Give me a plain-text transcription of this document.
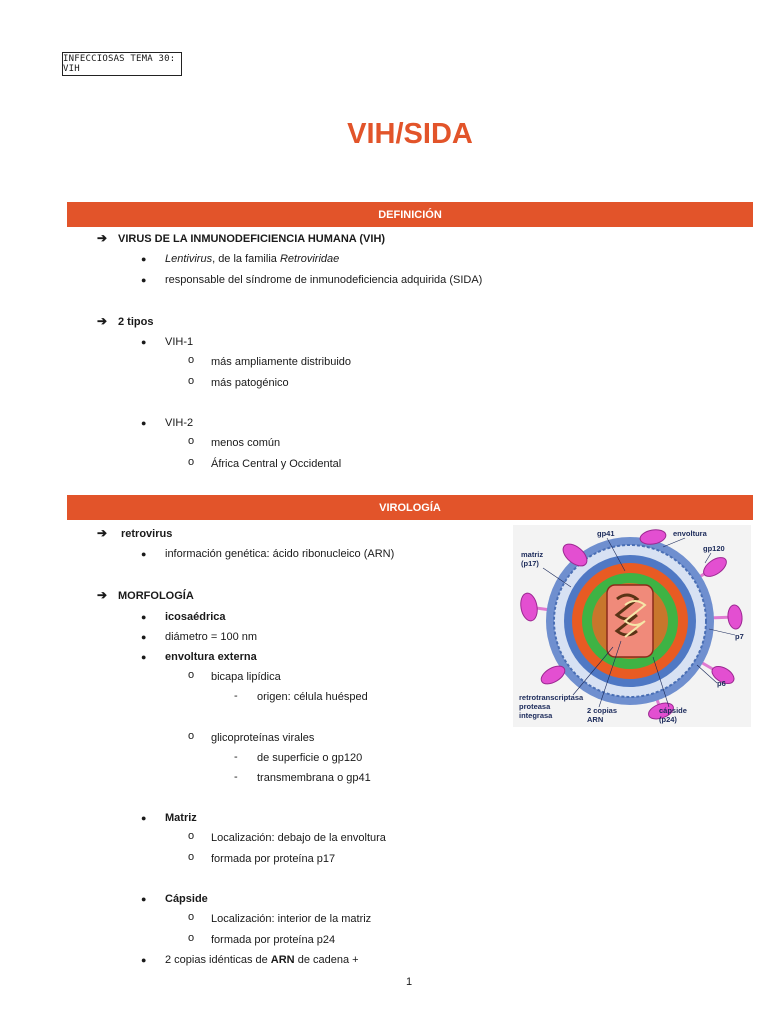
INFECCIOSAS TEMA 30: VIH
VIH/SIDA
DEFINICIÓN
➔ VIRUS DE LA INMUNODEFICIENCIA HUMANA (VIH)
● Lentivirus, de la familia Retroviridae
● responsable del síndrome de inmunodeficiencia adquirida (SIDA)
➔ 2 tipos
● VIH-1
o más ampliamente distribuido
o más patogénico
● VIH-2
o menos común
o África Central y Occidental
VIROLOGÍA
➔ retrovirus
● información genética: ácido ribonucleico (ARN)
➔ MORFOLOGÍA
● icosaédrica
● diámetro = 100 nm
● envoltura externa
o bicapa lipídica
- origen: célula huésped
o glicoproteínas virales
- de superficie o gp120
- transmembrana o gp41
● Matriz
o Localización: debajo de la envoltura
o formada por proteína p17
● Cápside
o Localización: interior de la matriz
o formada por proteína p24
● 2 copias idénticas de ARN de cadena +
gp41	envoltura
gp120
matriz
(p17)
p7
p6
retrotranscriptasa
proteasa
integrasa
2 copias
ARN
cápside
(p24)
1
